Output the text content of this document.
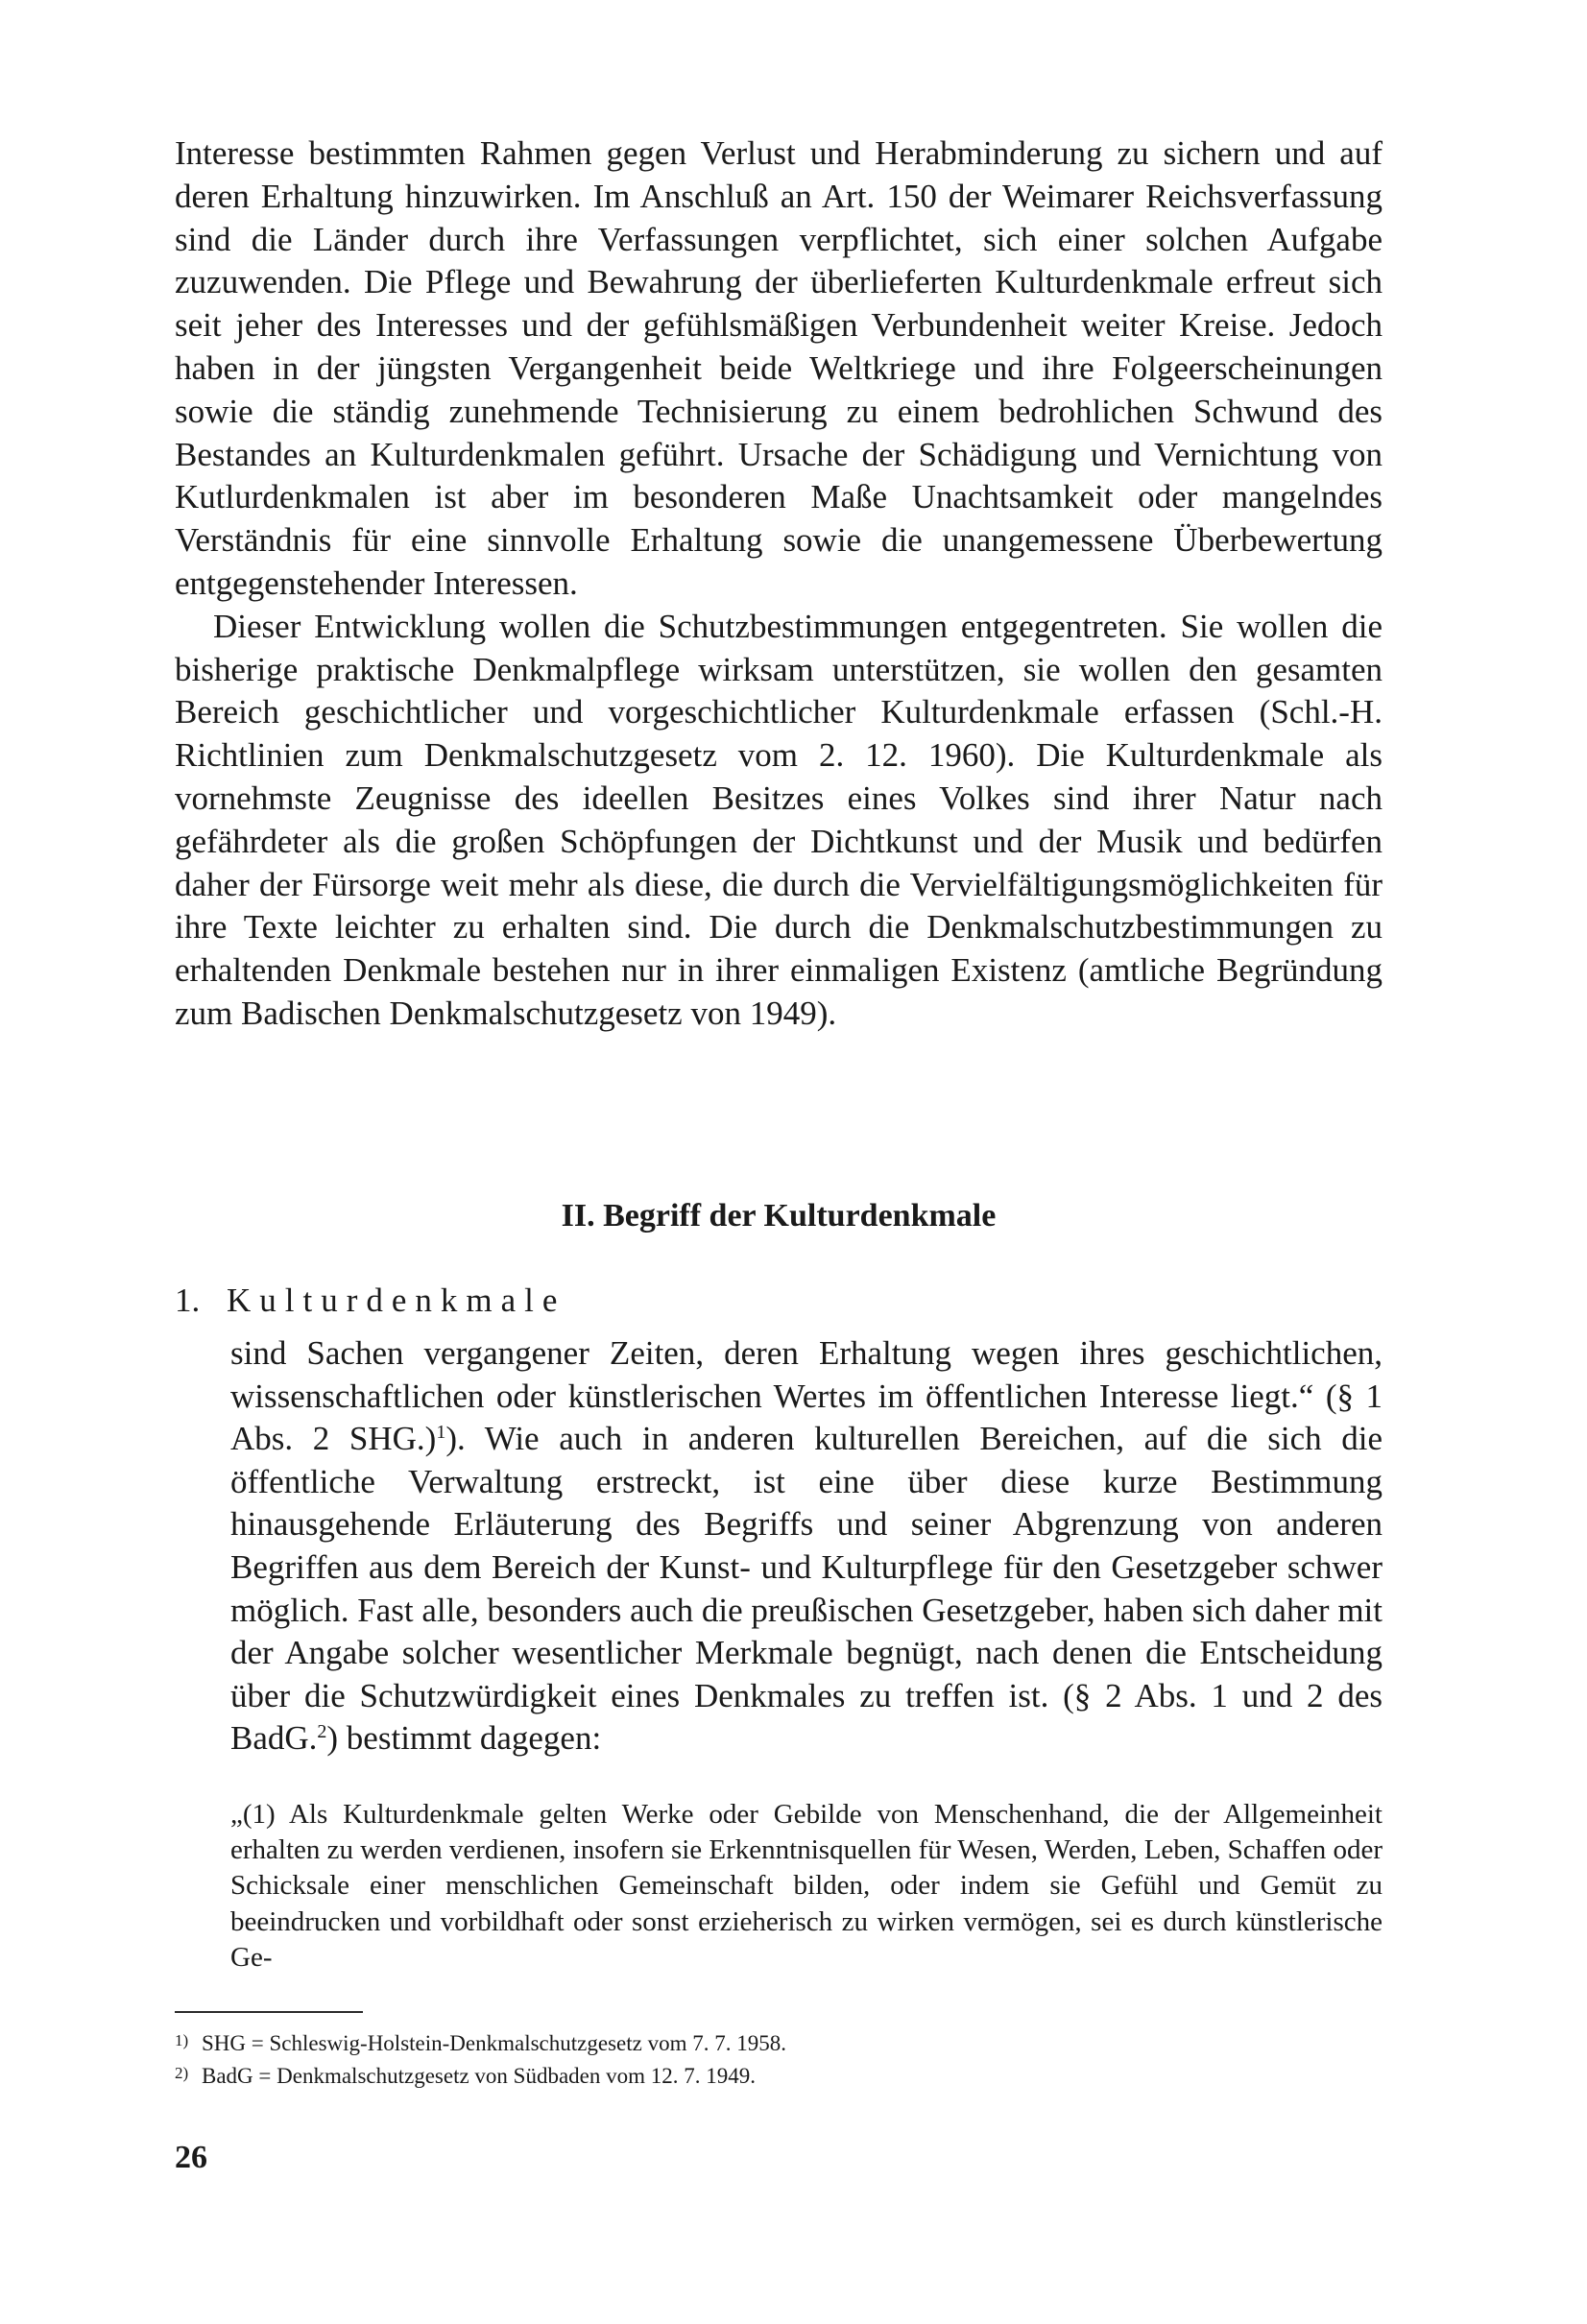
Interesse bestimmten Rahmen gegen Verlust und Herabminderung zu sichern und auf deren Erhaltung hinzuwirken. Im Anschluß an Art. 150 der Weimarer Reichsverfassung sind die Länder durch ihre Verfassungen verpflichtet, sich einer solchen Aufgabe zuzuwenden. Die Pflege und Bewahrung der überlieferten Kulturdenkmale erfreut sich seit jeher des Interesses und der gefühlsmäßigen Verbundenheit weiter Kreise. Jedoch haben in der jüngsten Vergangenheit beide Weltkriege und ihre Folgeerscheinungen sowie die ständig zunehmende Technisierung zu einem bedrohlichen Schwund des Bestandes an Kulturdenkmalen geführt. Ursache der Schädigung und Vernichtung von Kutlurdenkmalen ist aber im besonderen Maße Unachtsamkeit oder mangelndes Verständnis für eine sinnvolle Erhaltung sowie die unangemessene Überbewertung entgegenstehender Interessen.

Dieser Entwicklung wollen die Schutzbestimmungen entgegentreten. Sie wollen die bisherige praktische Denkmalpflege wirksam unterstützen, sie wollen den gesamten Bereich geschichtlicher und vorgeschichtlicher Kulturdenkmale erfassen (Schl.-H. Richtlinien zum Denkmalschutzgesetz vom 2. 12. 1960). Die Kulturdenkmale als vornehmste Zeugnisse des ideellen Besitzes eines Volkes sind ihrer Natur nach gefährdeter als die großen Schöpfungen der Dichtkunst und der Musik und bedürfen daher der Fürsorge weit mehr als diese, die durch die Vervielfältigungsmöglichkeiten für ihre Texte leichter zu erhalten sind. Die durch die Denkmalschutzbestimmungen zu erhaltenden Denkmale bestehen nur in ihrer einmaligen Existenz (amtliche Begründung zum Badischen Denkmalschutzgesetz von 1949).

II. Begriff der Kulturdenkmale
1. Kulturdenkmale
sind Sachen vergangener Zeiten, deren Erhaltung wegen ihres geschichtlichen, wissenschaftlichen oder künstlerischen Wertes im öffentlichen Interesse liegt.“ (§ 1 Abs. 2 SHG.)$^1$). Wie auch in anderen kulturellen Bereichen, auf die sich die öffentliche Verwaltung erstreckt, ist eine über diese kurze Bestimmung hinausgehende Erläuterung des Begriffs und seiner Abgrenzung von anderen Begriffen aus dem Bereich der Kunst- und Kulturpflege für den Gesetzgeber schwer möglich. Fast alle, besonders auch die preußischen Gesetzgeber, haben sich daher mit der Angabe solcher wesentlicher Merkmale begnügt, nach denen die Entscheidung über die Schutzwürdigkeit eines Denkmales zu treffen ist. (§ 2 Abs. 1 und 2 des BadG.$^2$) bestimmt dagegen:
„(1) Als Kulturdenkmale gelten Werke oder Gebilde von Menschenhand, die der Allgemeinheit erhalten zu werden verdienen, insofern sie Erkenntnisquellen für Wesen, Werden, Leben, Schaffen oder Schicksale einer menschlichen Gemeinschaft bilden, oder indem sie Gefühl und Gemüt zu beeindrucken und vorbildhaft oder sonst erzieherisch zu wirken vermögen, sei es durch künstlerische Ge-
1) SHG = Schleswig-Holstein-Denkmalschutzgesetz vom 7. 7. 1958.
2) BadG = Denkmalschutzgesetz von Südbaden vom 12. 7. 1949.
26
